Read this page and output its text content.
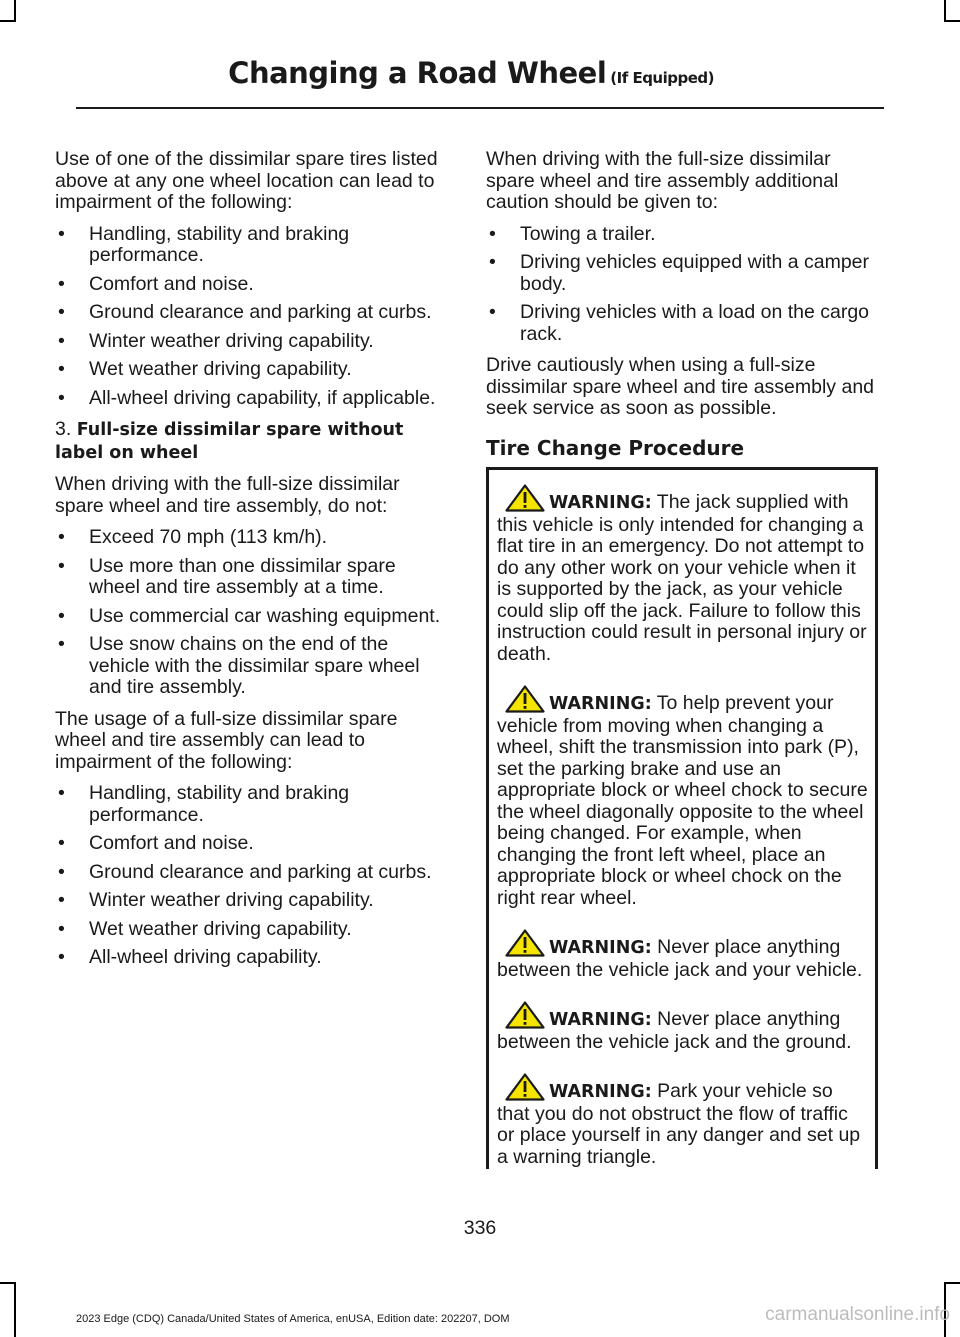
Changing a Road Wheel (If Equipped)

Use of one of the dissimilar spare tires listed above at any one wheel location can lead to impairment of the following:

• Handling, stability and braking performance.
• Comfort and noise.
• Ground clearance and parking at curbs.
• Winter weather driving capability.
• Wet weather driving capability.
• All-wheel driving capability, if applicable.

3. Full-size dissimilar spare without label on wheel

When driving with the full-size dissimilar spare wheel and tire assembly, do not:

• Exceed 70 mph (113 km/h).
• Use more than one dissimilar spare wheel and tire assembly at a time.
• Use commercial car washing equipment.
• Use snow chains on the end of the vehicle with the dissimilar spare wheel and tire assembly.

The usage of a full-size dissimilar spare wheel and tire assembly can lead to impairment of the following:

• Handling, stability and braking performance.
• Comfort and noise.
• Ground clearance and parking at curbs.
• Winter weather driving capability.
• Wet weather driving capability.
• All-wheel driving capability.

When driving with the full-size dissimilar spare wheel and tire assembly additional caution should be given to:

• Towing a trailer.
• Driving vehicles equipped with a camper body.
• Driving vehicles with a load on the cargo rack.

Drive cautiously when using a full-size dissimilar spare wheel and tire assembly and seek service as soon as possible.

Tire Change Procedure

WARNING: The jack supplied with this vehicle is only intended for changing a flat tire in an emergency. Do not attempt to do any other work on your vehicle when it is supported by the jack, as your vehicle could slip off the jack. Failure to follow this instruction could result in personal injury or death.

WARNING: To help prevent your vehicle from moving when changing a wheel, shift the transmission into park (P), set the parking brake and use an appropriate block or wheel chock to secure the wheel diagonally opposite to the wheel being changed. For example, when changing the front left wheel, place an appropriate block or wheel chock on the right rear wheel.

WARNING: Never place anything between the vehicle jack and your vehicle.

WARNING: Never place anything between the vehicle jack and the ground.

WARNING: Park your vehicle so that you do not obstruct the flow of traffic or place yourself in any danger and set up a warning triangle.

336
2023 Edge (CDQ) Canada/United States of America, enUSA, Edition date: 202207, DOM	carmanualsonline.info
